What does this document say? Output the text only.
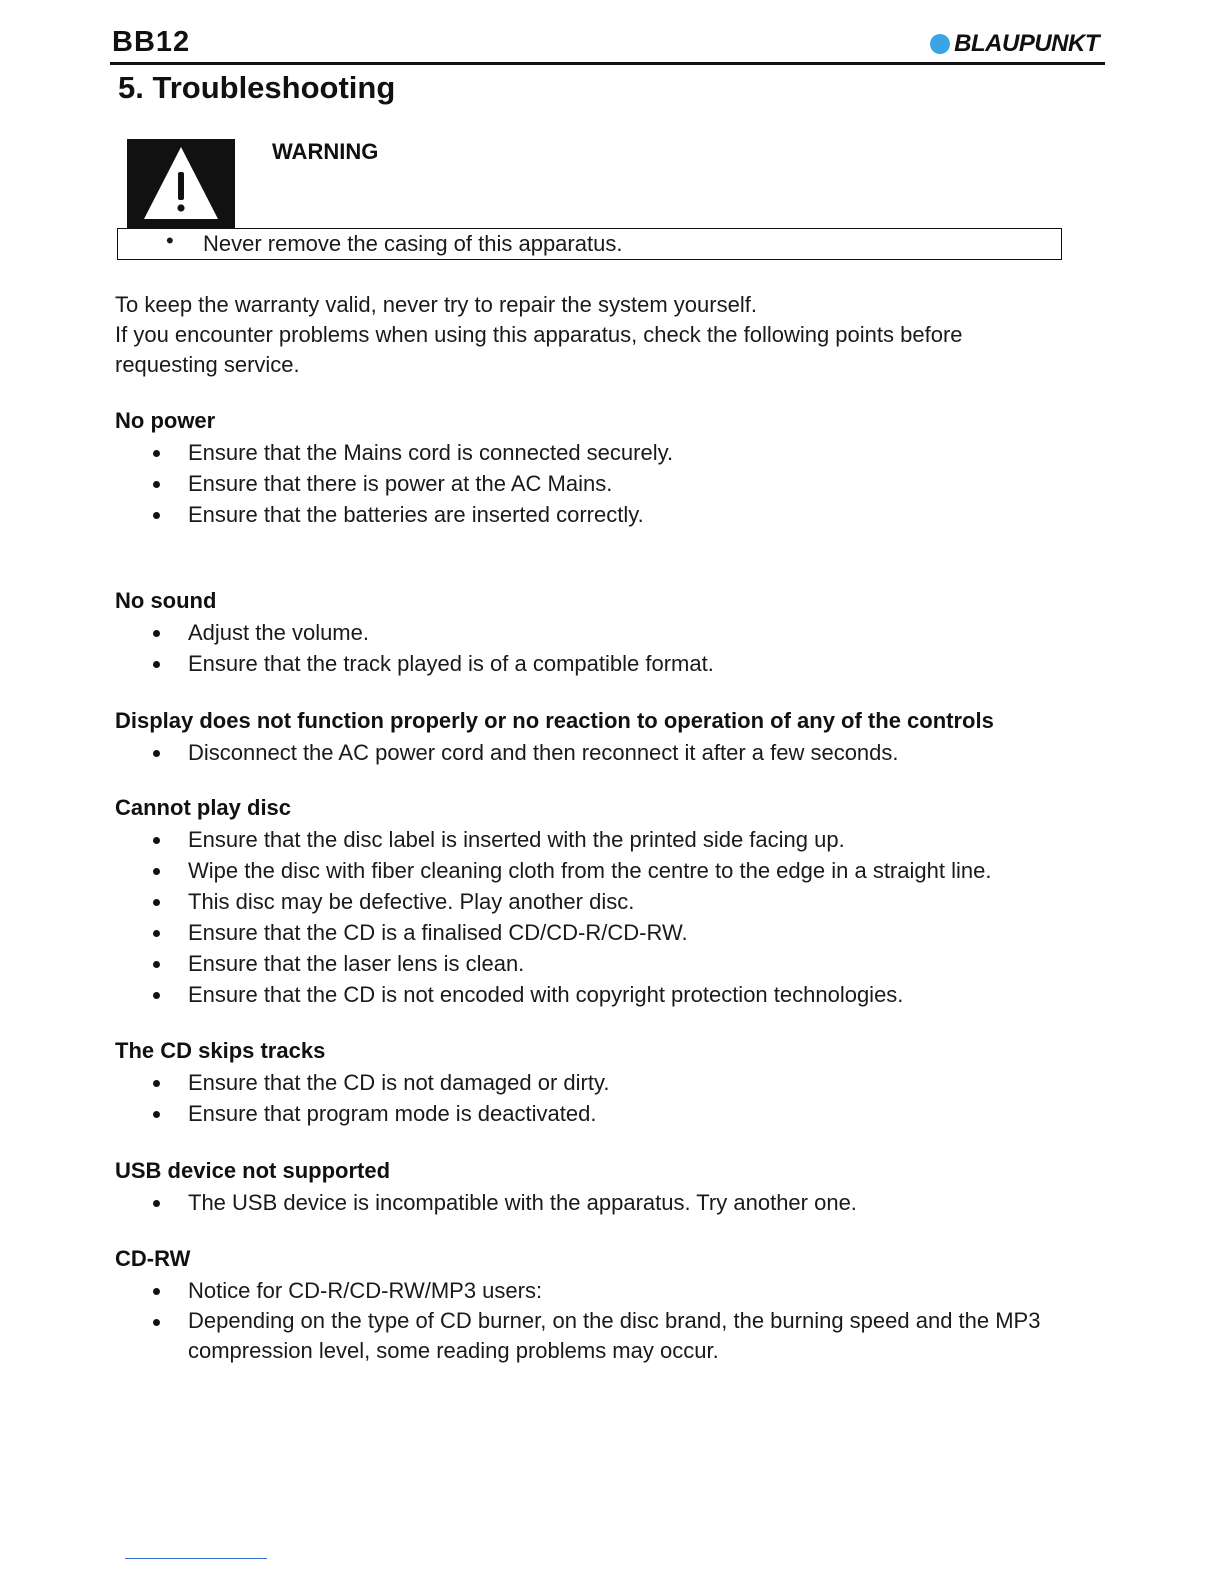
BB12	BLAUPUNKT
5. Troubleshooting
WARNING
• Never remove the casing of this apparatus.

To keep the warranty valid, never try to repair the system yourself.
If you encounter problems when using this apparatus, check the following points before requesting service.

No power
Ensure that the Mains cord is connected securely.
Ensure that there is power at the AC Mains.
Ensure that the batteries are inserted correctly.
No sound
Adjust the volume.
Ensure that the track played is of a compatible format.
Display does not function properly or no reaction to operation of any of the controls
Disconnect the AC power cord and then reconnect it after a few seconds.
Cannot play disc
Ensure that the disc label is inserted with the printed side facing up.
Wipe the disc with fiber cleaning cloth from the centre to the edge in a straight line.
This disc may be defective. Play another disc.
Ensure that the CD is a finalised CD/CD-R/CD-RW.
Ensure that the laser lens is clean.
Ensure that the CD is not encoded with copyright protection technologies.
The CD skips tracks
Ensure that the CD is not damaged or dirty.
Ensure that program mode is deactivated.
USB device not supported
The USB device is incompatible with the apparatus. Try another one.
CD-RW
Notice for CD-R/CD-RW/MP3 users:
Depending on the type of CD burner, on the disc brand, the burning speed and the MP3 compression level, some reading problems may occur.
